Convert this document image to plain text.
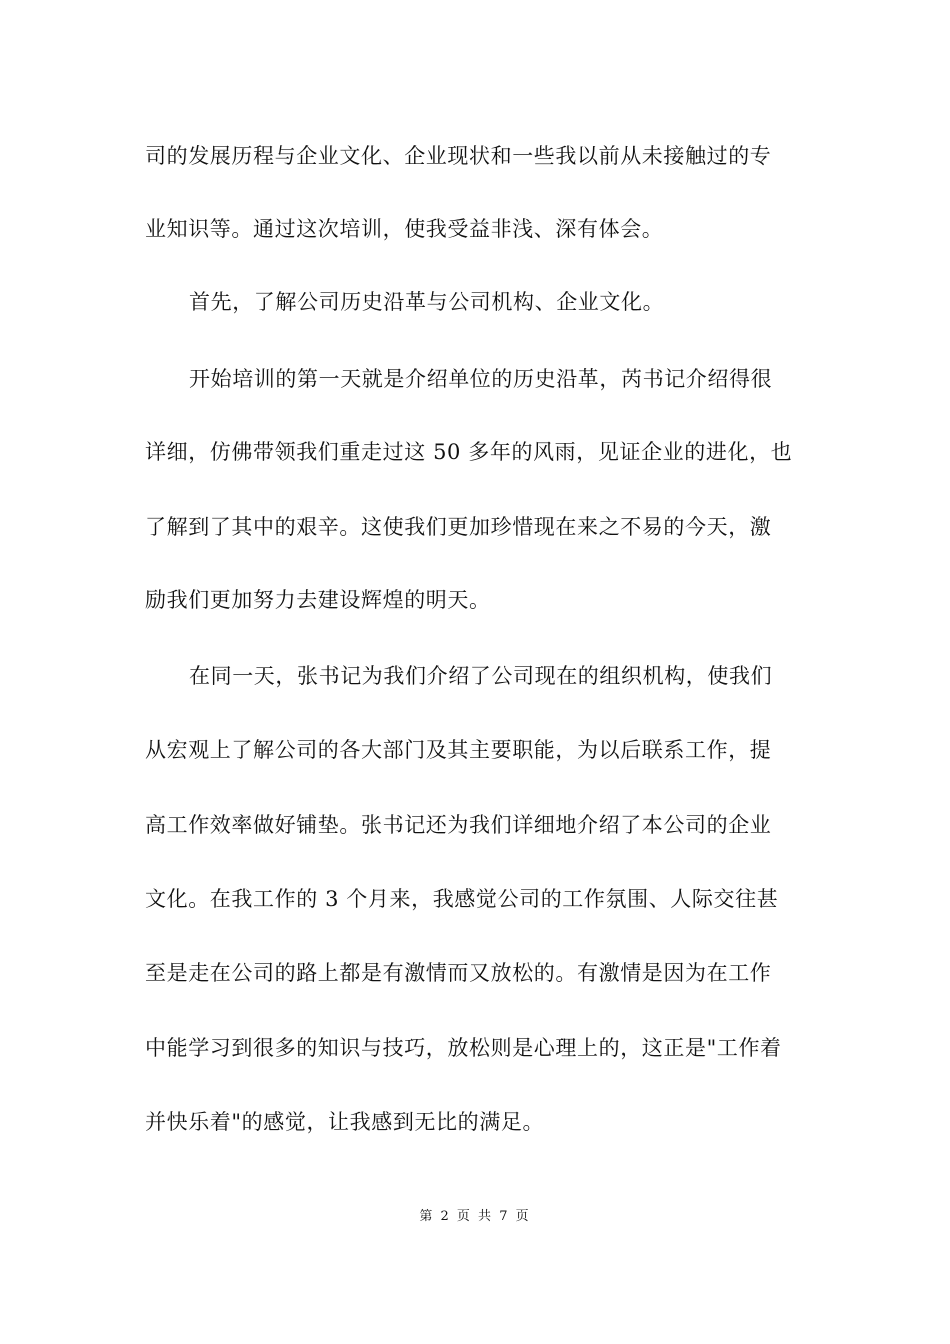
司的发展历程与企业文化、企业现状和一些我以前从未接触过的专
业知识等。通过这次培训，使我受益非浅、深有体会。
首先，了解公司历史沿革与公司机构、企业文化。
开始培训的第一天就是介绍单位的历史沿革，芮书记介绍得很
详细，仿佛带领我们重走过这 50 多年的风雨，见证企业的进化，也
了解到了其中的艰辛。这使我们更加珍惜现在来之不易的今天，激
励我们更加努力去建设辉煌的明天。
在同一天，张书记为我们介绍了公司现在的组织机构，使我们
从宏观上了解公司的各大部门及其主要职能，为以后联系工作，提
高工作效率做好铺垫。张书记还为我们详细地介绍了本公司的企业
文化。在我工作的 3 个月来，我感觉公司的工作氛围、人际交往甚
至是走在公司的路上都是有激情而又放松的。有激情是因为在工作
中能学习到很多的知识与技巧，放松则是心理上的，这正是"工作着
并快乐着"的感觉，让我感到无比的满足。
第 2 页 共 7 页
